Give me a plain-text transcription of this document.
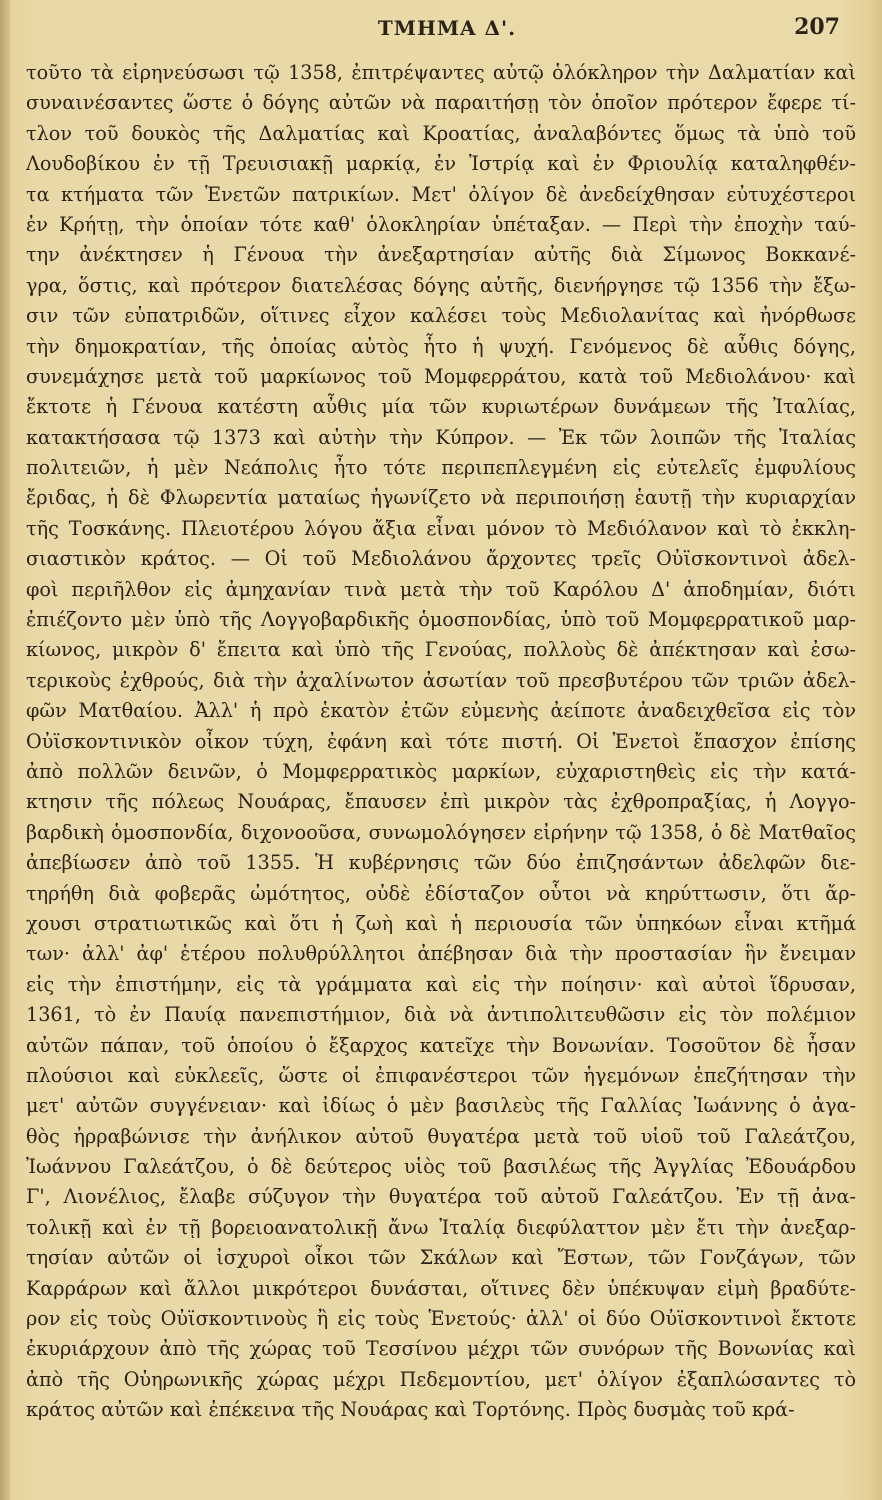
ΤΜΗΜΑ Δ'.	207
τοῦτο τὰ εἰρηνεύσωσι τῷ 1358, ἐπιτρέψαντες αὐτῷ ὁλόκληρον τὴν Δαλματίαν καὶ
συναινέσαντες ὥστε ὁ δόγης αὐτῶν νὰ παραιτήσῃ τὸν ὁποῖον πρότερον ἔφερε τί-
τλον τοῦ δουκὸς τῆς Δαλματίας καὶ Κροατίας, ἀναλαβόντες ὅμως τὰ ὑπὸ τοῦ
Λουδοβίκου ἐν τῇ Τρευισιακῇ μαρκίᾳ, ἐν Ἰστρίᾳ καὶ ἐν Φριουλίᾳ καταληφθέν-
τα κτήματα τῶν Ἑνετῶν πατρικίων. Μετ' ὀλίγον δὲ ἀνεδείχθησαν εὐτυχέστεροι
ἐν Κρήτῃ, τὴν ὁποίαν τότε καθ' ὁλοκληρίαν ὑπέταξαν. — Περὶ τὴν ἐποχὴν ταύ-
την ἀνέκτησεν ἡ Γένουα τὴν ἀνεξαρτησίαν αὐτῆς διὰ Σίμωνος Βοκκανέ-
γρα, ὅστις, καὶ πρότερον διατελέσας δόγης αὐτῆς, διενήργησε τῷ 1356 τὴν ἔξω-
σιν τῶν εὐπατριδῶν, οἵτινες εἶχον καλέσει τοὺς Μεδιολανίτας καὶ ἠνόρθωσε
τὴν δημοκρατίαν, τῆς ὁποίας αὐτὸς ἦτο ἡ ψυχή. Γενόμενος δὲ αὖθις δόγης,
συνεμάχησε μετὰ τοῦ μαρκίωνος τοῦ Μομφερράτου, κατὰ τοῦ Μεδιολάνου· καὶ
ἔκτοτε ἡ Γένουα κατέστη αὖθις μία τῶν κυριωτέρων δυνάμεων τῆς Ἰταλίας,
κατακτήσασα τῷ 1373 καὶ αὐτὴν τὴν Κύπρον. — Ἐκ τῶν λοιπῶν τῆς Ἰταλίας
πολιτειῶν, ἡ μὲν Νεάπολις ἦτο τότε περιπεπλεγμένη εἰς εὐτελεῖς ἐμφυλίους
ἔριδας, ἡ δὲ Φλωρεντία ματαίως ἠγωνίζετο νὰ περιποιήσῃ ἑαυτῇ τὴν κυριαρχίαν
τῆς Τοσκάνης. Πλειοτέρου λόγου ἄξια εἶναι μόνον τὸ Μεδιόλανον καὶ τὸ ἐκκλη-
σιαστικὸν κράτος. — Οἱ τοῦ Μεδιολάνου ἄρχοντες τρεῖς Οὐϊσκοντινοὶ ἀδελ-
φοὶ περιῆλθον εἰς ἀμηχανίαν τινὰ μετὰ τὴν τοῦ Καρόλου Δ' ἀποδημίαν, διότι
ἐπιέζοντο μὲν ὑπὸ τῆς Λογγοβαρδικῆς ὁμοσπονδίας, ὑπὸ τοῦ Μομφερρατικοῦ μαρ-
κίωνος, μικρὸν δ' ἔπειτα καὶ ὑπὸ τῆς Γενούας, πολλοὺς δὲ ἀπέκτησαν καὶ ἐσω-
τερικοὺς ἐχθρούς, διὰ τὴν ἀχαλίνωτον ἀσωτίαν τοῦ πρεσβυτέρου τῶν τριῶν ἀδελ-
φῶν Ματθαίου. Ἀλλ' ἡ πρὸ ἑκατὸν ἐτῶν εὐμενὴς ἀείποτε ἀναδειχθεῖσα εἰς τὸν
Οὐϊσκοντινικὸν οἶκον τύχη, ἐφάνη καὶ τότε πιστή. Οἱ Ἑνετοὶ ἔπασχον ἐπίσης
ἀπὸ πολλῶν δεινῶν, ὁ Μομφερρατικὸς μαρκίων, εὐχαριστηθεὶς εἰς τὴν κατά-
κτησιν τῆς πόλεως Νουάρας, ἔπαυσεν ἐπὶ μικρὸν τὰς ἐχθροπραξίας, ἡ Λογγο-
βαρδικὴ ὁμοσπονδία, διχονοοῦσα, συνωμολόγησεν εἰρήνην τῷ 1358, ὁ δὲ Ματθαῖος
ἀπεβίωσεν ἀπὸ τοῦ 1355. Ἡ κυβέρνησις τῶν δύο ἐπιζησάντων ἀδελφῶν διε-
τηρήθη διὰ φοβερᾶς ὠμότητος, οὐδὲ ἐδίσταζον οὗτοι νὰ κηρύττωσιν, ὅτι ἄρ-
χουσι στρατιωτικῶς καὶ ὅτι ἡ ζωὴ καὶ ἡ περιουσία τῶν ὑπηκόων εἶναι κτῆμά
των· ἀλλ' ἀφ' ἑτέρου πολυθρύλλητοι ἀπέβησαν διὰ τὴν προστασίαν ἣν ἔνειμαν
εἰς τὴν ἐπιστήμην, εἰς τὰ γράμματα καὶ εἰς τὴν ποίησιν· καὶ αὐτοὶ ἵδρυσαν,
1361, τὸ ἐν Παυίᾳ πανεπιστήμιον, διὰ νὰ ἀντιπολιτευθῶσιν εἰς τὸν πολέμιον
αὐτῶν πάπαν, τοῦ ὁποίου ὁ ἔξαρχος κατεῖχε τὴν Βονωνίαν. Τοσοῦτον δὲ ἦσαν
πλούσιοι καὶ εὐκλεεῖς, ὥστε οἱ ἐπιφανέστεροι τῶν ἡγεμόνων ἐπεζήτησαν τὴν
μετ' αὐτῶν συγγένειαν· καὶ ἰδίως ὁ μὲν βασιλεὺς τῆς Γαλλίας Ἰωάννης ὁ ἀγα-
θὸς ἠρραβώνισε τὴν ἀνήλικον αὐτοῦ θυγατέρα μετὰ τοῦ υἱοῦ τοῦ Γαλεάτζου,
Ἰωάννου Γαλεάτζου, ὁ δὲ δεύτερος υἱὸς τοῦ βασιλέως τῆς Ἀγγλίας Ἐδουάρδου
Γ', Λιονέλιος, ἔλαβε σύζυγον τὴν θυγατέρα τοῦ αὐτοῦ Γαλεάτζου. Ἐν τῇ ἀνα-
τολικῇ καὶ ἐν τῇ βορειοανατολικῇ ἄνω Ἰταλίᾳ διεφύλαττον μὲν ἔτι τὴν ἀνεξαρ-
τησίαν αὐτῶν οἱ ἰσχυροὶ οἶκοι τῶν Σκάλων καὶ Ἔστων, τῶν Γονζάγων, τῶν
Καρράρων καὶ ἄλλοι μικρότεροι δυνάσται, οἵτινες δὲν ὑπέκυψαν εἰμὴ βραδύτε-
ρον εἰς τοὺς Οὐϊσκοντινοὺς ἢ εἰς τοὺς Ἑνετούς· ἀλλ' οἱ δύο Οὐϊσκοντινοὶ ἔκτοτε
ἐκυριάρχουν ἀπὸ τῆς χώρας τοῦ Τεσσίνου μέχρι τῶν συνόρων τῆς Βονωνίας καὶ
ἀπὸ τῆς Οὐηρωνικῆς χώρας μέχρι Πεδεμοντίου, μετ' ὀλίγον ἐξαπλώσαντες τὸ
κράτος αὐτῶν καὶ ἐπέκεινα τῆς Νουάρας καὶ Τορτόνης. Πρὸς δυσμὰς τοῦ κρά-
